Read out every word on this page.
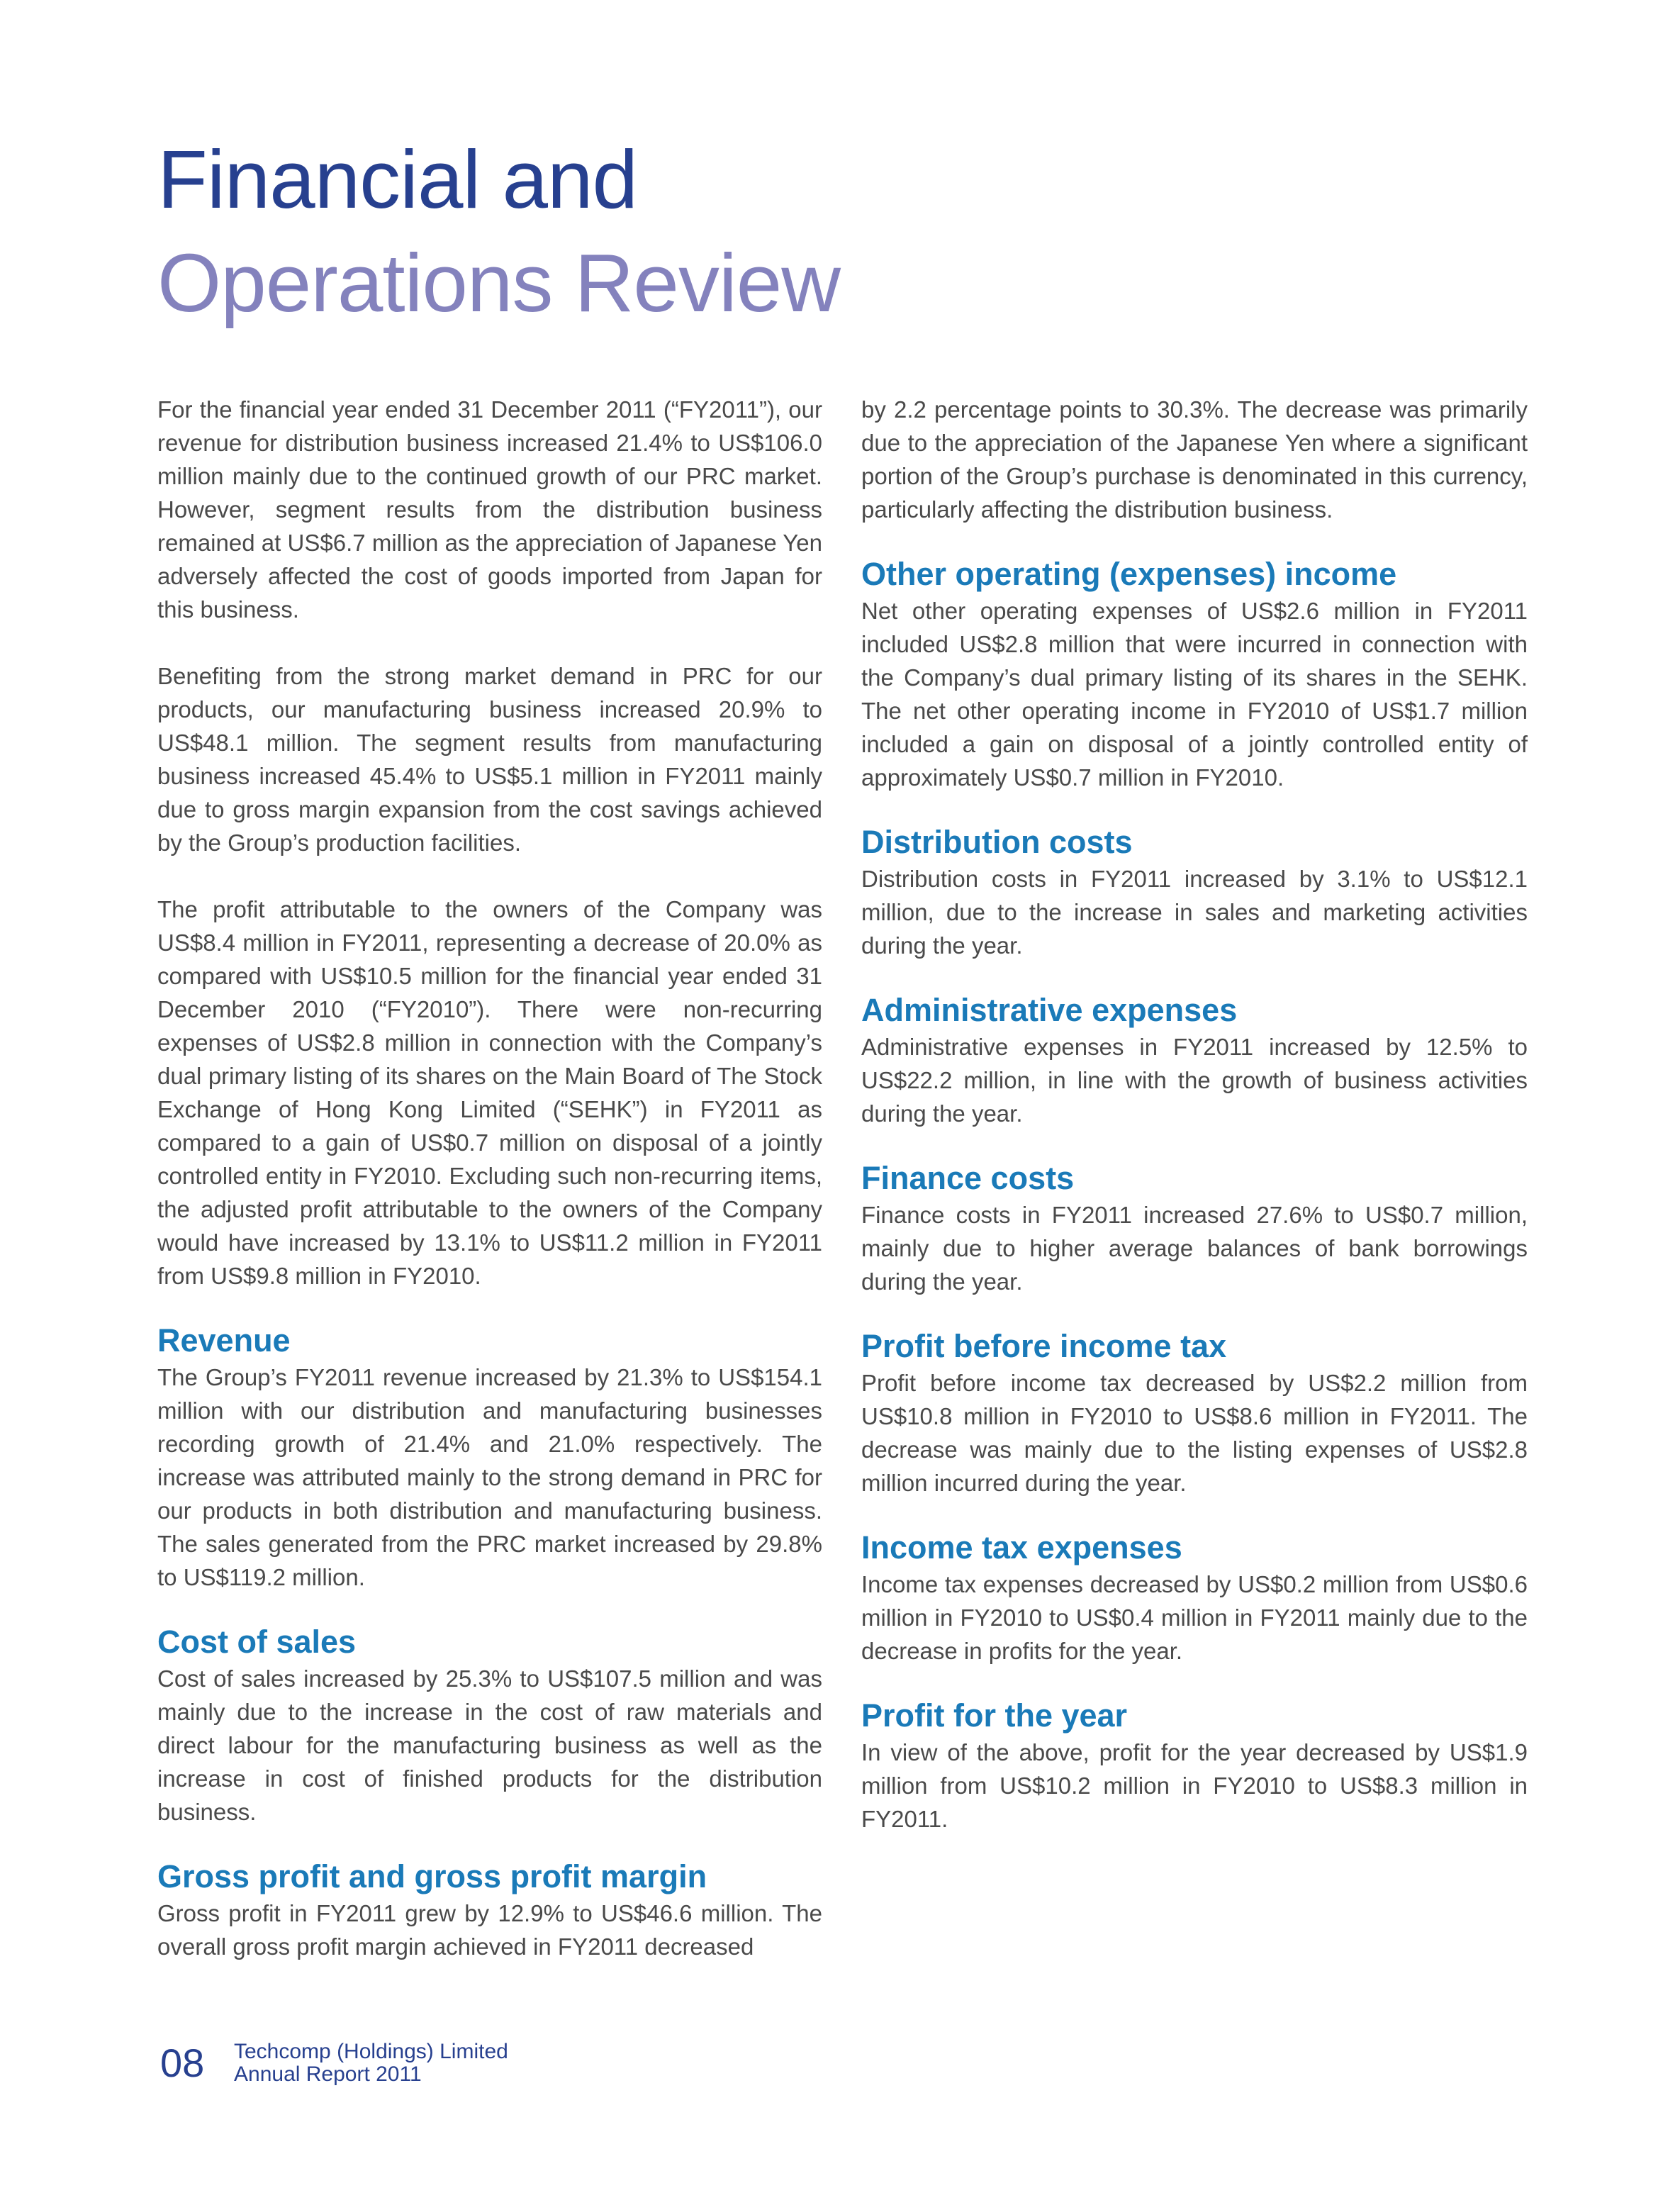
Financial and
Operations Review

For the financial year ended 31 December 2011 (“FY2011”), our revenue for distribution business increased 21.4% to US$106.0 million mainly due to the continued growth of our PRC market. However, segment results from the distribution business remained at US$6.7 million as the appreciation of Japanese Yen adversely affected the cost of goods imported from Japan for this business.

Benefiting from the strong market demand in PRC for our products, our manufacturing business increased 20.9% to US$48.1 million. The segment results from manufacturing business increased 45.4% to US$5.1 million in FY2011 mainly due to gross margin expansion from the cost savings achieved by the Group’s production facilities.

The profit attributable to the owners of the Company was US$8.4 million in FY2011, representing a decrease of 20.0% as compared with US$10.5 million for the financial year ended 31 December 2010 (“FY2010”). There were non-recurring expenses of US$2.8 million in connection with the Company’s dual primary listing of its shares on the Main Board of The Stock Exchange of Hong Kong Limited (“SEHK”) in FY2011 as compared to a gain of US$0.7 million on disposal of a jointly controlled entity in FY2010. Excluding such non-recurring items, the adjusted profit attributable to the owners of the Company would have increased by 13.1% to US$11.2 million in FY2011 from US$9.8 million in FY2010.

Revenue

The Group’s FY2011 revenue increased by 21.3% to US$154.1 million with our distribution and manufacturing businesses recording growth of 21.4% and 21.0% respectively. The increase was attributed mainly to the strong demand in PRC for our products in both distribution and manufacturing business. The sales generated from the PRC market increased by 29.8% to US$119.2 million.

Cost of sales

Cost of sales increased by 25.3% to US$107.5 million and was mainly due to the increase in the cost of raw materials and direct labour for the manufacturing business as well as the increase in cost of finished products for the distribution business.

Gross profit and gross profit margin

Gross profit in FY2011 grew by 12.9% to US$46.6 million. The overall gross profit margin achieved in FY2011 decreased

by 2.2 percentage points to 30.3%. The decrease was primarily due to the appreciation of the Japanese Yen where a significant portion of the Group’s purchase is denominated in this currency, particularly affecting the distribution business.

Other operating (expenses) income

Net other operating expenses of US$2.6 million in FY2011 included US$2.8 million that were incurred in connection with the Company’s dual primary listing of its shares in the SEHK. The net other operating income in FY2010 of US$1.7 million included a gain on disposal of a jointly controlled entity of approximately US$0.7 million in FY2010.

Distribution costs

Distribution costs in FY2011 increased by 3.1% to US$12.1 million, due to the increase in sales and marketing activities during the year.

Administrative expenses

Administrative expenses in FY2011 increased by 12.5% to US$22.2 million, in line with the growth of business activities during the year.

Finance costs

Finance costs in FY2011 increased 27.6% to US$0.7 million, mainly due to higher average balances of bank borrowings during the year.

Profit before income tax

Profit before income tax decreased by US$2.2 million from US$10.8 million in FY2010 to US$8.6 million in FY2011. The decrease was mainly due to the listing expenses of US$2.8 million incurred during the year.

Income tax expenses

Income tax expenses decreased by US$0.2 million from US$0.6 million in FY2010 to US$0.4 million in FY2011 mainly due to the decrease in profits for the year.

Profit for the year

In view of the above, profit for the year decreased by US$1.9 million from US$10.2 million in FY2010 to US$8.3 million in FY2011.

08 Techcomp (Holdings) Limited
Annual Report 2011
